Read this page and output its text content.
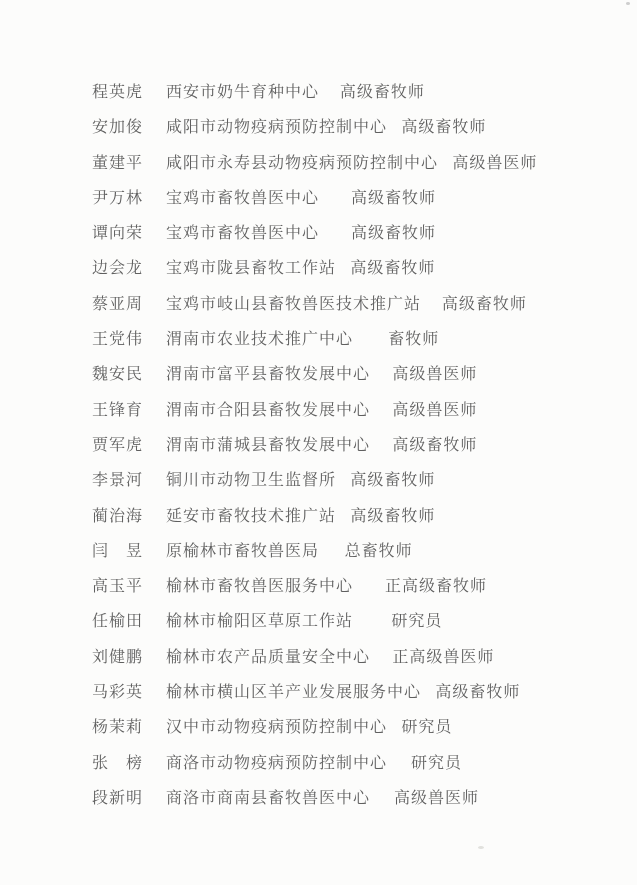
程英虎 西安市奶牛育种中心 高级畜牧师
安加俊 咸阳市动物疫病预防控制中心 高级畜牧师
董建平 咸阳市永寿县动物疫病预防控制中心 高级兽医师
尹万林 宝鸡市畜牧兽医中心 高级畜牧师
谭向荣 宝鸡市畜牧兽医中心 高级畜牧师
边会龙 宝鸡市陇县畜牧工作站 高级畜牧师
蔡亚周 宝鸡市岐山县畜牧兽医技术推广站 高级畜牧师
王党伟 渭南市农业技术推广中心 畜牧师
魏安民 渭南市富平县畜牧发展中心 高级兽医师
王锋育 渭南市合阳县畜牧发展中心 高级兽医师
贾军虎 渭南市蒲城县畜牧发展中心 高级畜牧师
李景河 铜川市动物卫生监督所 高级畜牧师
蔺治海 延安市畜牧技术推广站 高级畜牧师
闫　昱 原榆林市畜牧兽医局 总畜牧师
高玉平 榆林市畜牧兽医服务中心 正高级畜牧师
任榆田 榆林市榆阳区草原工作站 研究员
刘健鹏 榆林市农产品质量安全中心 正高级兽医师
马彩英 榆林市横山区羊产业发展服务中心 高级畜牧师
杨茉莉 汉中市动物疫病预防控制中心 研究员
张　榜 商洛市动物疫病预防控制中心 研究员
段新明 商洛市商南县畜牧兽医中心 高级兽医师
